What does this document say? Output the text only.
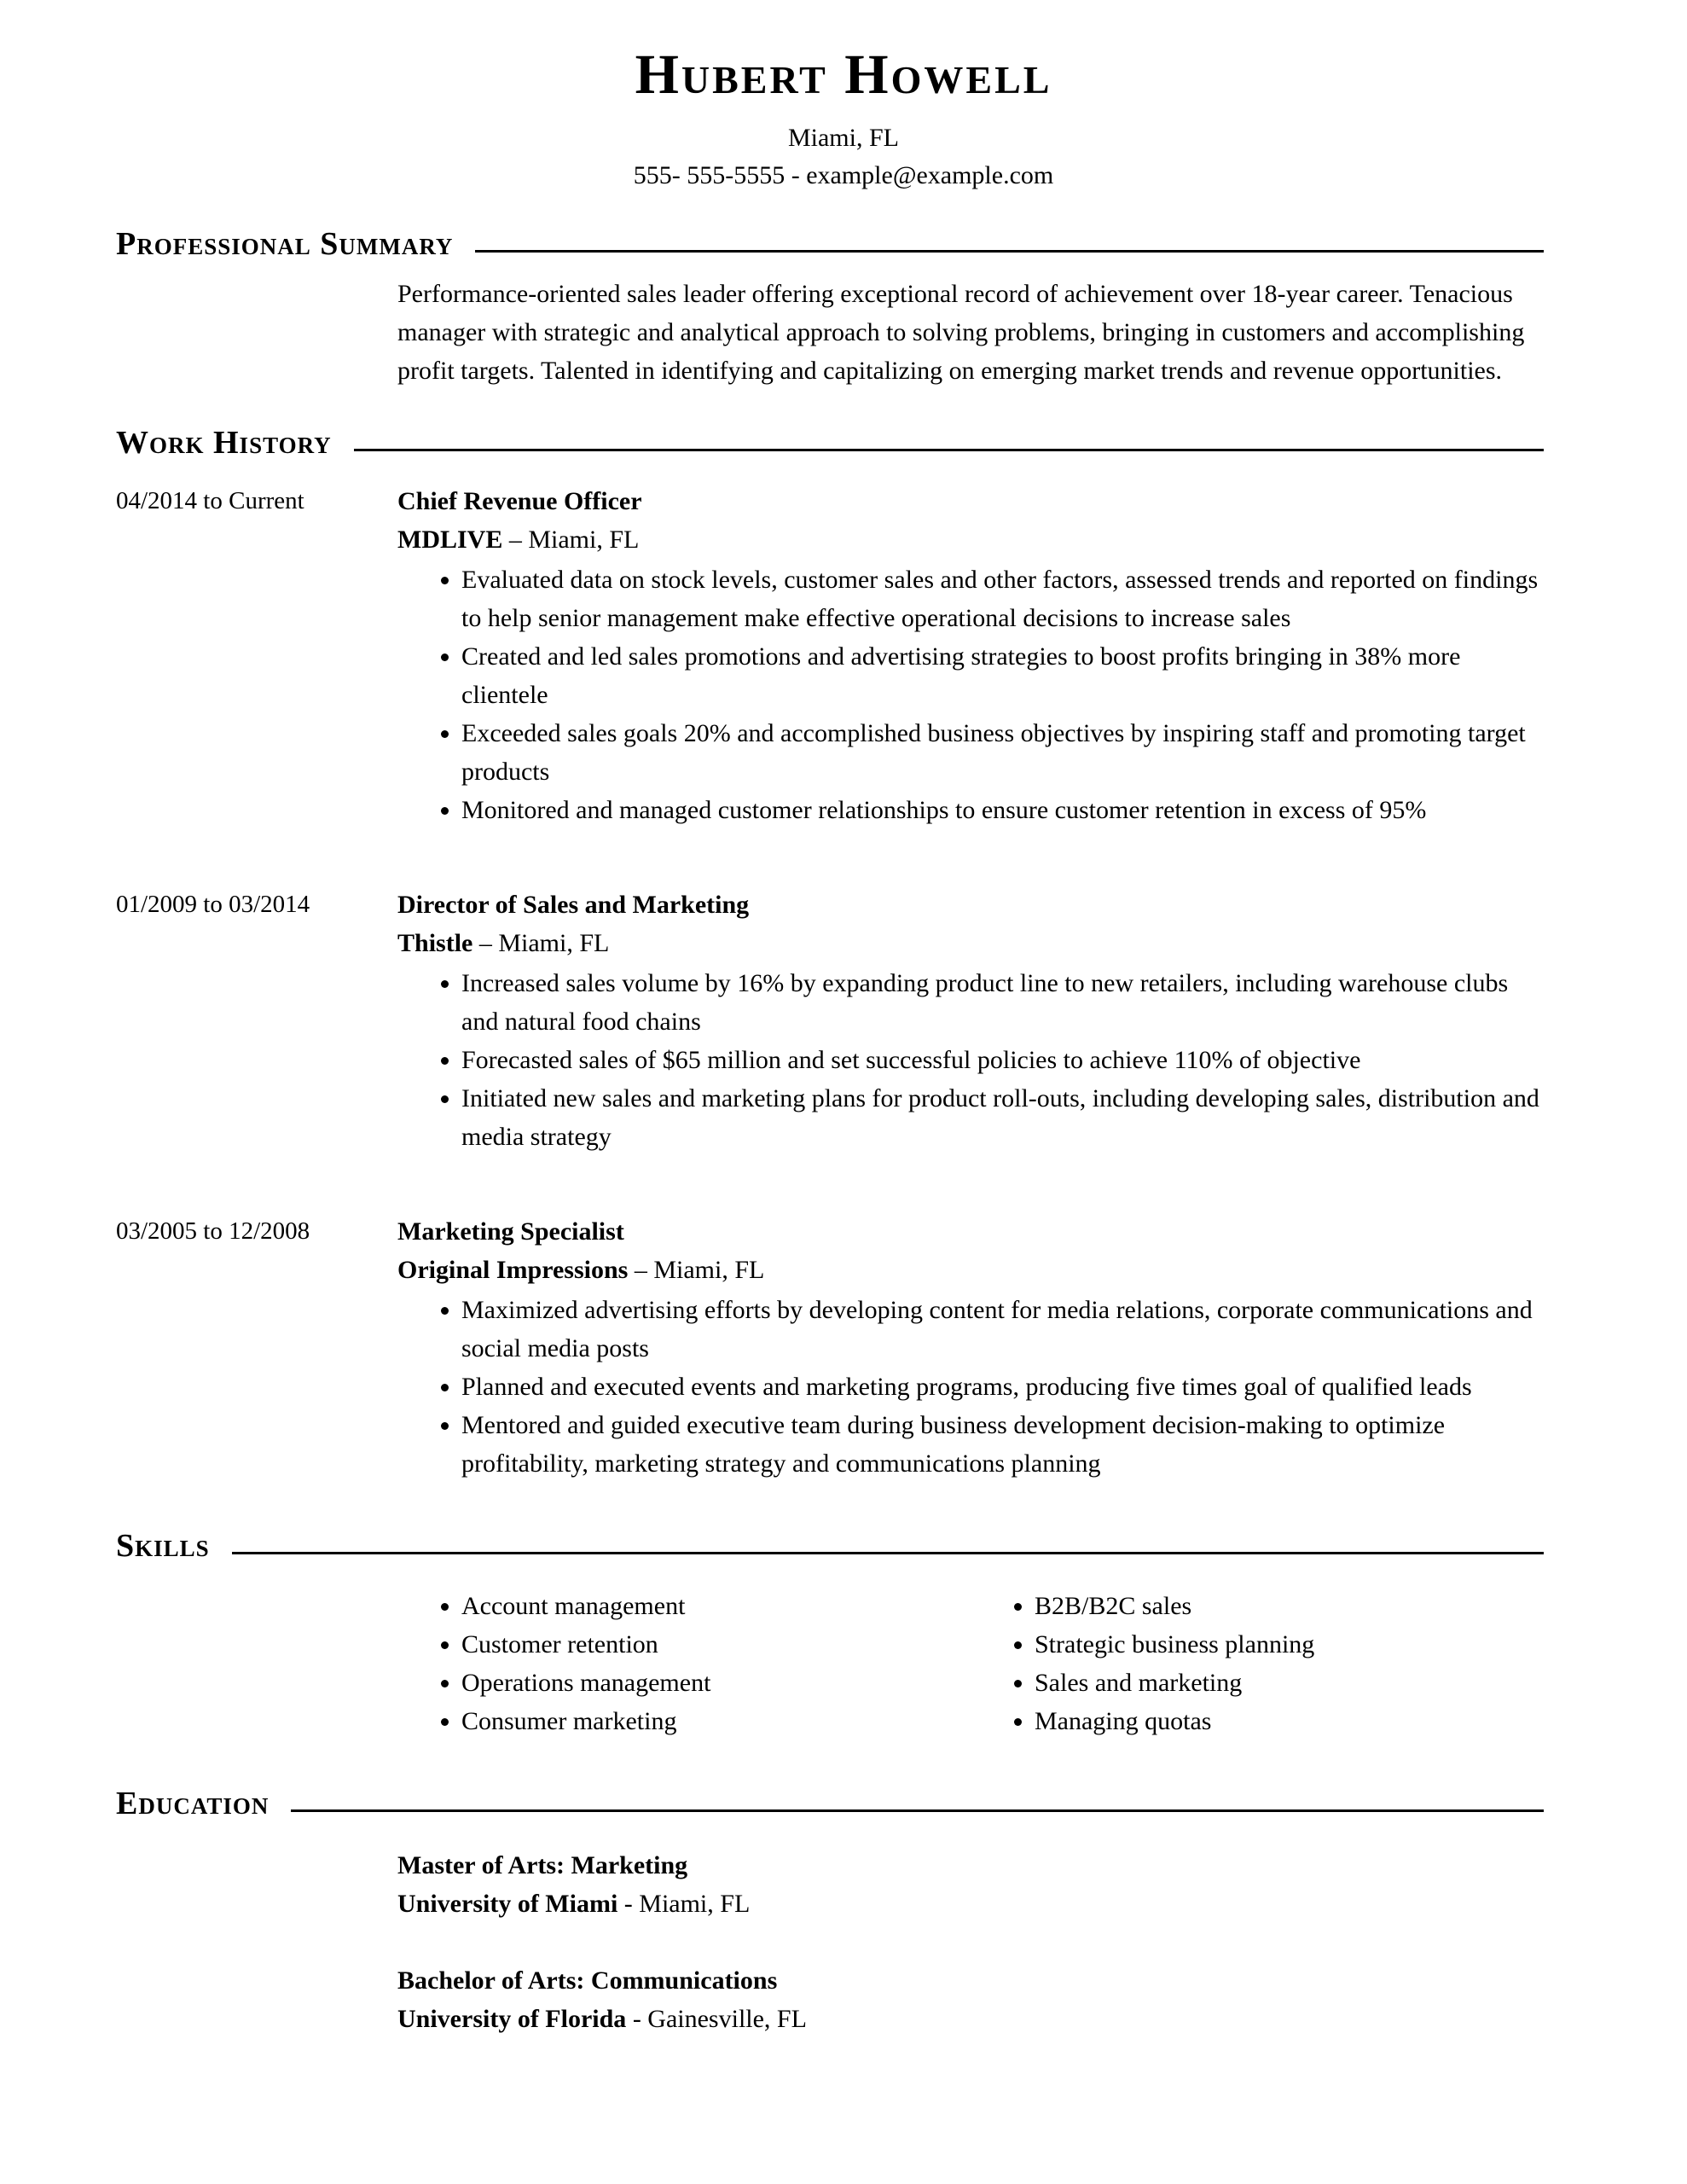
Hubert Howell
Miami, FL
555- 555-5555 - example@example.com
Professional Summary

Performance-oriented sales leader offering exceptional record of achievement over 18-year career. Tenacious manager with strategic and analytical approach to solving problems, bringing in customers and accomplishing profit targets. Talented in identifying and capitalizing on emerging market trends and revenue opportunities.

Work History
04/2014 to Current	Chief Revenue Officer
MDLIVE – Miami, FL
• Evaluated data on stock levels, customer sales and other factors, assessed trends and reported on findings to help senior management make effective operational decisions to increase sales
• Created and led sales promotions and advertising strategies to boost profits bringing in 38% more clientele
• Exceeded sales goals 20% and accomplished business objectives by inspiring staff and promoting target products
• Monitored and managed customer relationships to ensure customer retention in excess of 95%
01/2009 to 03/2014	Director of Sales and Marketing
Thistle – Miami, FL
• Increased sales volume by 16% by expanding product line to new retailers, including warehouse clubs and natural food chains
• Forecasted sales of $65 million and set successful policies to achieve 110% of objective
• Initiated new sales and marketing plans for product roll-outs, including developing sales, distribution and media strategy
03/2005 to 12/2008	Marketing Specialist
Original Impressions – Miami, FL
• Maximized advertising efforts by developing content for media relations, corporate communications and social media posts
• Planned and executed events and marketing programs, producing five times goal of qualified leads
• Mentored and guided executive team during business development decision-making to optimize profitability, marketing strategy and communications planning
Skills
• Account management
• Customer retention
• Operations management
• Consumer marketing
• B2B/B2C sales
• Strategic business planning
• Sales and marketing
• Managing quotas
Education
Master of Arts: Marketing
University of Miami - Miami, FL
Bachelor of Arts: Communications
University of Florida - Gainesville, FL
